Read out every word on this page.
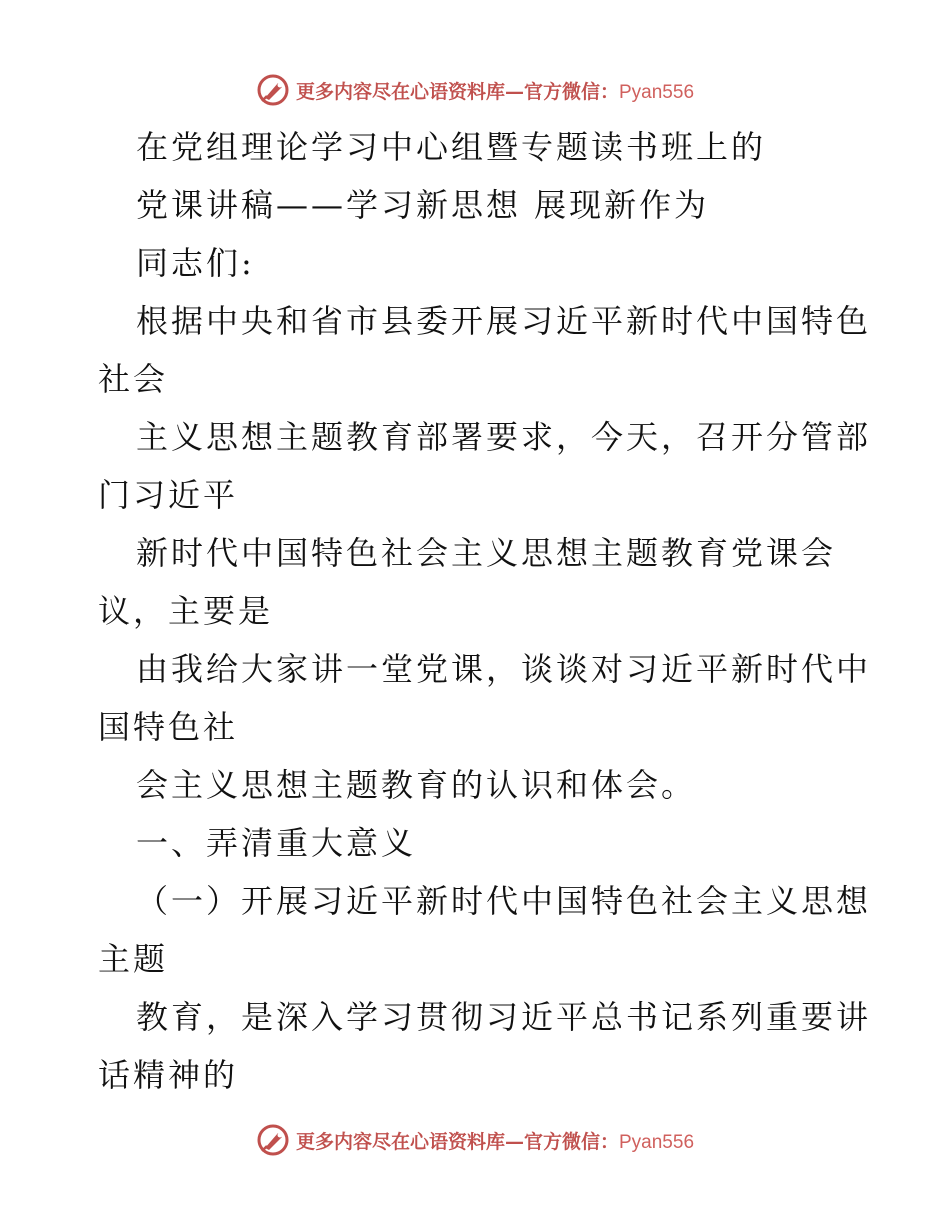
更多内容尽在心语资料库—官方微信：Pyan556
在党组理论学习中心组暨专题读书班上的
党课讲稿——学习新思想 展现新作为
同志们:
根据中央和省市县委开展习近平新时代中国特色
社会
主义思想主题教育部署要求，今天，召开分管部
门习近平
新时代中国特色社会主义思想主题教育党课会
议，主要是
由我给大家讲一堂党课，谈谈对习近平新时代中
国特色社
会主义思想主题教育的认识和体会。
一、弄清重大意义
（一）开展习近平新时代中国特色社会主义思想
主题
教育，是深入学习贯彻习近平总书记系列重要讲
话精神的
更多内容尽在心语资料库—官方微信：Pyan556
